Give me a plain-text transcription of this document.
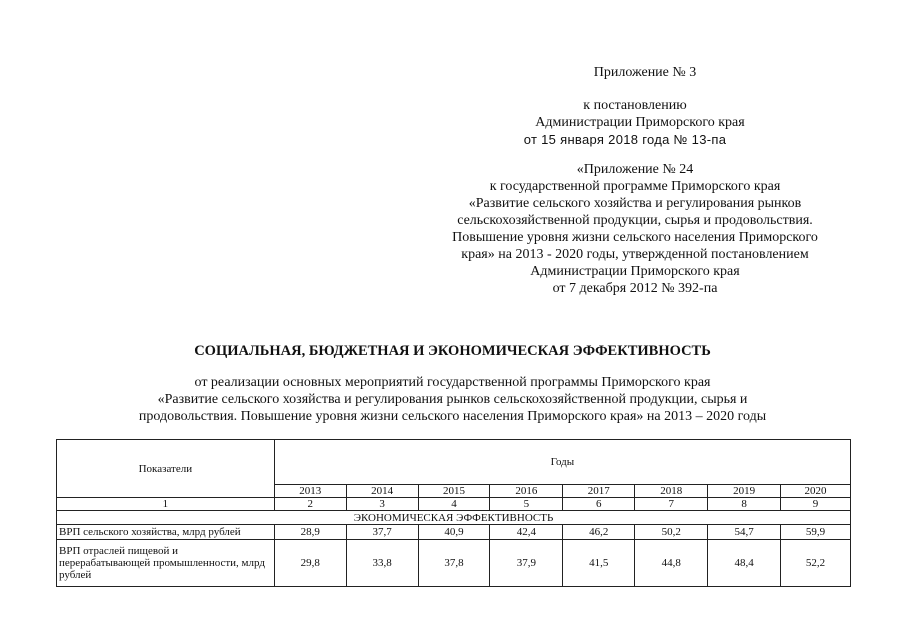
Приложение № 3
к постановлению
Администрации Приморского края
от 15 января 2018 года № 13-па
«Приложение № 24
к государственной программе Приморского края
«Развитие сельского хозяйства и регулирования рынков
сельскохозяйственной продукции, сырья и продовольствия.
Повышение уровня жизни сельского населения Приморского
края» на 2013 - 2020 годы, утвержденной постановлением
Администрации Приморского края
от 7 декабря 2012 № 392-па
СОЦИАЛЬНАЯ, БЮДЖЕТНАЯ И ЭКОНОМИЧЕСКАЯ ЭФФЕКТИВНОСТЬ
от реализации основных мероприятий государственной программы Приморского края
«Развитие сельского хозяйства и регулирования рынков сельскохозяйственной продукции, сырья и
продовольствия. Повышение уровня жизни сельского населения Приморского края» на 2013 – 2020 годы
Показатели	Годы							
	2013	2014	2015	2016	2017	2018	2019	2020
1	2	3	4	5	6	7	8	9
ЭКОНОМИЧЕСКАЯ ЭФФЕКТИВНОСТЬ								
ВРП сельского хозяйства, млрд рублей	28,9	37,7	40,9	42,4	46,2	50,2	54,7	59,9
ВРП отраслей пищевой и перерабатывающей промышленности, млрд рублей	29,8	33,8	37,8	37,9	41,5	44,8	48,4	52,2
